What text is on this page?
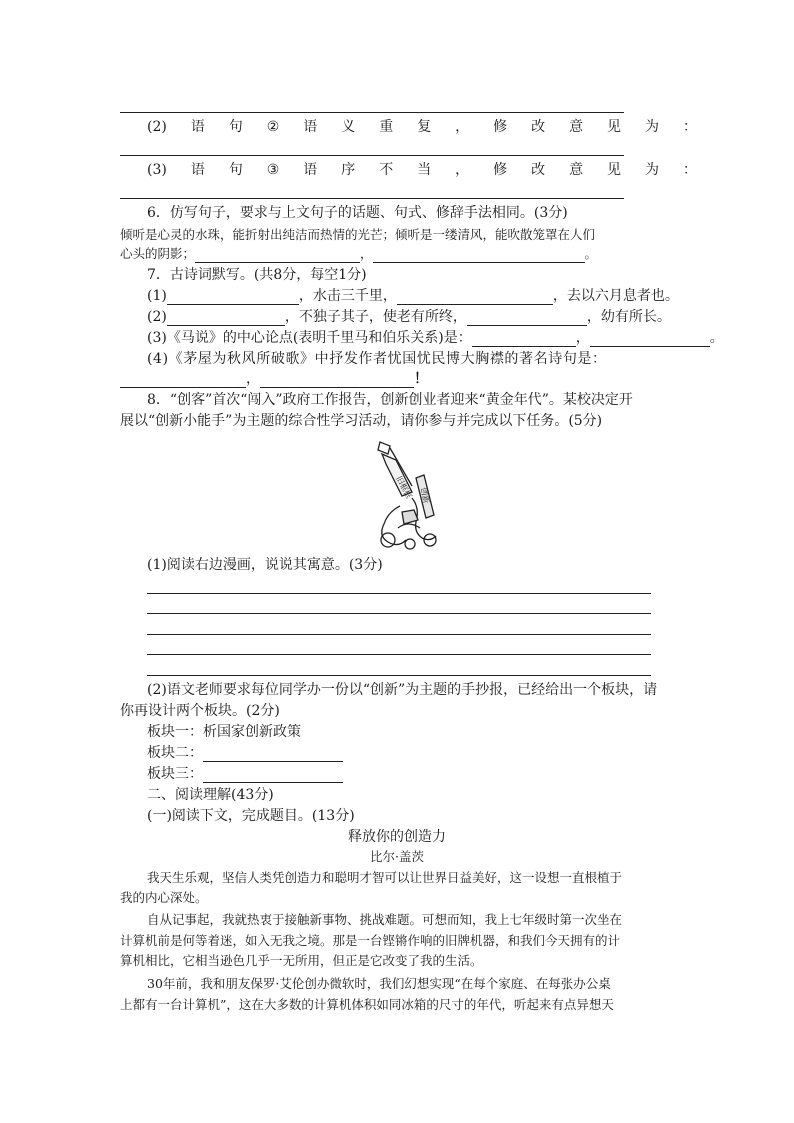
(2) 语 句 ② 语 义 重 复 ， 修 改 意 见 为 ：
(3) 语 句 ③ 语 序 不 当 ， 修 改 意 见 为 ：
6．仿写句子，要求与上文句子的话题、句式、修辞手法相同。(3分)
倾听是心灵的水珠，能折射出纯洁而热情的光芒；倾听是一缕清风，能吹散笼罩在人们
心头的阴影；	，	。
7．古诗词默写。(共8分，每空1分)
(1)	，水击三千里，	，去以六月息者也。
(2)	，不独子其子，使老有所终，	，幼有所长。
(3)《马说》的中心论点(表明千里马和伯乐关系)是：	，	。
(4)《茅屋为秋风所破歌》中抒发作者忧国忧民博大胸襟的著名诗句是：
，	！
8．“创客”首次“闯入”政府工作报告，创新创业者迎来“黄金年代”。某校决定开
展以“创新小能手”为主题的综合性学习活动，请你参与并完成以下任务。(5分)
旧框框 创新
(1)阅读右边漫画，说说其寓意。(3分)
(2)语文老师要求每位同学办一份以“创新”为主题的手抄报，已经给出一个板块，请
你再设计两个板块。(2分)
板块一：析国家创新政策
板块二：
板块三：
二、阅读理解(43分)
(一)阅读下文，完成题目。(13分)
释放你的创造力
比尔·盖茨
我天生乐观，坚信人类凭创造力和聪明才智可以让世界日益美好，这一设想一直根植于
我的内心深处。
自从记事起，我就热衷于接触新事物、挑战难题。可想而知，我上七年级时第一次坐在
计算机前是何等着迷，如入无我之境。那是一台铿锵作响的旧牌机器，和我们今天拥有的计
算机相比，它相当逊色几乎一无所用，但正是它改变了我的生活。
30年前，我和朋友保罗·艾伦创办微软时，我们幻想实现“在每个家庭、在每张办公桌
上都有一台计算机”，这在大多数的计算机体积如同冰箱的尺寸的年代，听起来有点异想天
